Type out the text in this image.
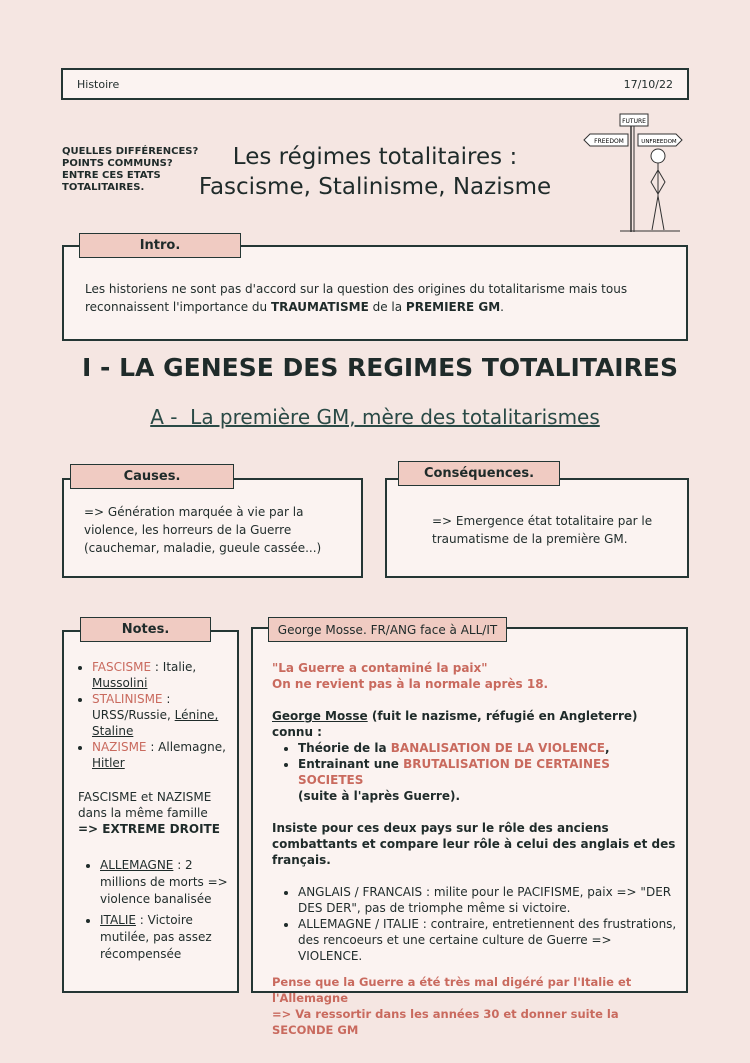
Histoire	17/10/22
QUELLES DIFFÉRENCES?
POINTS COMMUNS?
ENTRE CES ETATS
TOTALITAIRES.
Les régimes totalitaires :
Fascisme, Stalinisme, Nazisme
FUTURE
FREEDOM	UNFREEDOM
Intro.
Les historiens ne sont pas d'accord sur la question des origines du totalitarisme mais tous reconnaissent l'importance du TRAUMATISME de la PREMIERE GM.
I - LA GENESE DES REGIMES TOTALITAIRES
A -  La première GM, mère des totalitarismes
Causes.
=> Génération marquée à vie par la violence, les horreurs de la Guerre (cauchemar, maladie, gueule cassée...)
Conséquences.
=> Emergence état totalitaire par le traumatisme de la première GM.
Notes.
• FASCISME : Italie, Mussolini
• STALINISME : URSS/Russie, Lénine, Staline
• NAZISME : Allemagne, Hitler
FASCISME et NAZISME dans la même famille
=> EXTREME DROITE
• ALLEMAGNE : 2 millions de morts => violence banalisée
• ITALIE : Victoire mutilée, pas assez récompensée
George Mosse. FR/ANG face à ALL/IT
"La Guerre a contaminé la paix"
On ne revient pas à la normale après 18.
George Mosse (fuit le nazisme, réfugié en Angleterre) connu :
• Théorie de la BANALISATION DE LA VIOLENCE,
• Entrainant une BRUTALISATION DE CERTAINES SOCIETES
(suite à l'après Guerre).
Insiste pour ces deux pays sur le rôle des anciens combattants et compare leur rôle à celui des anglais et des français.
• ANGLAIS / FRANCAIS : milite pour le PACIFISME, paix => "DER DES DER", pas de triomphe même si victoire.
• ALLEMAGNE / ITALIE : contraire, entretiennent des frustrations, des rencoeurs et une certaine culture de Guerre => VIOLENCE.
Pense que la Guerre a été très mal digéré par l'Italie et l'Allemagne
=> Va ressortir dans les années 30 et donner suite la SECONDE GM
